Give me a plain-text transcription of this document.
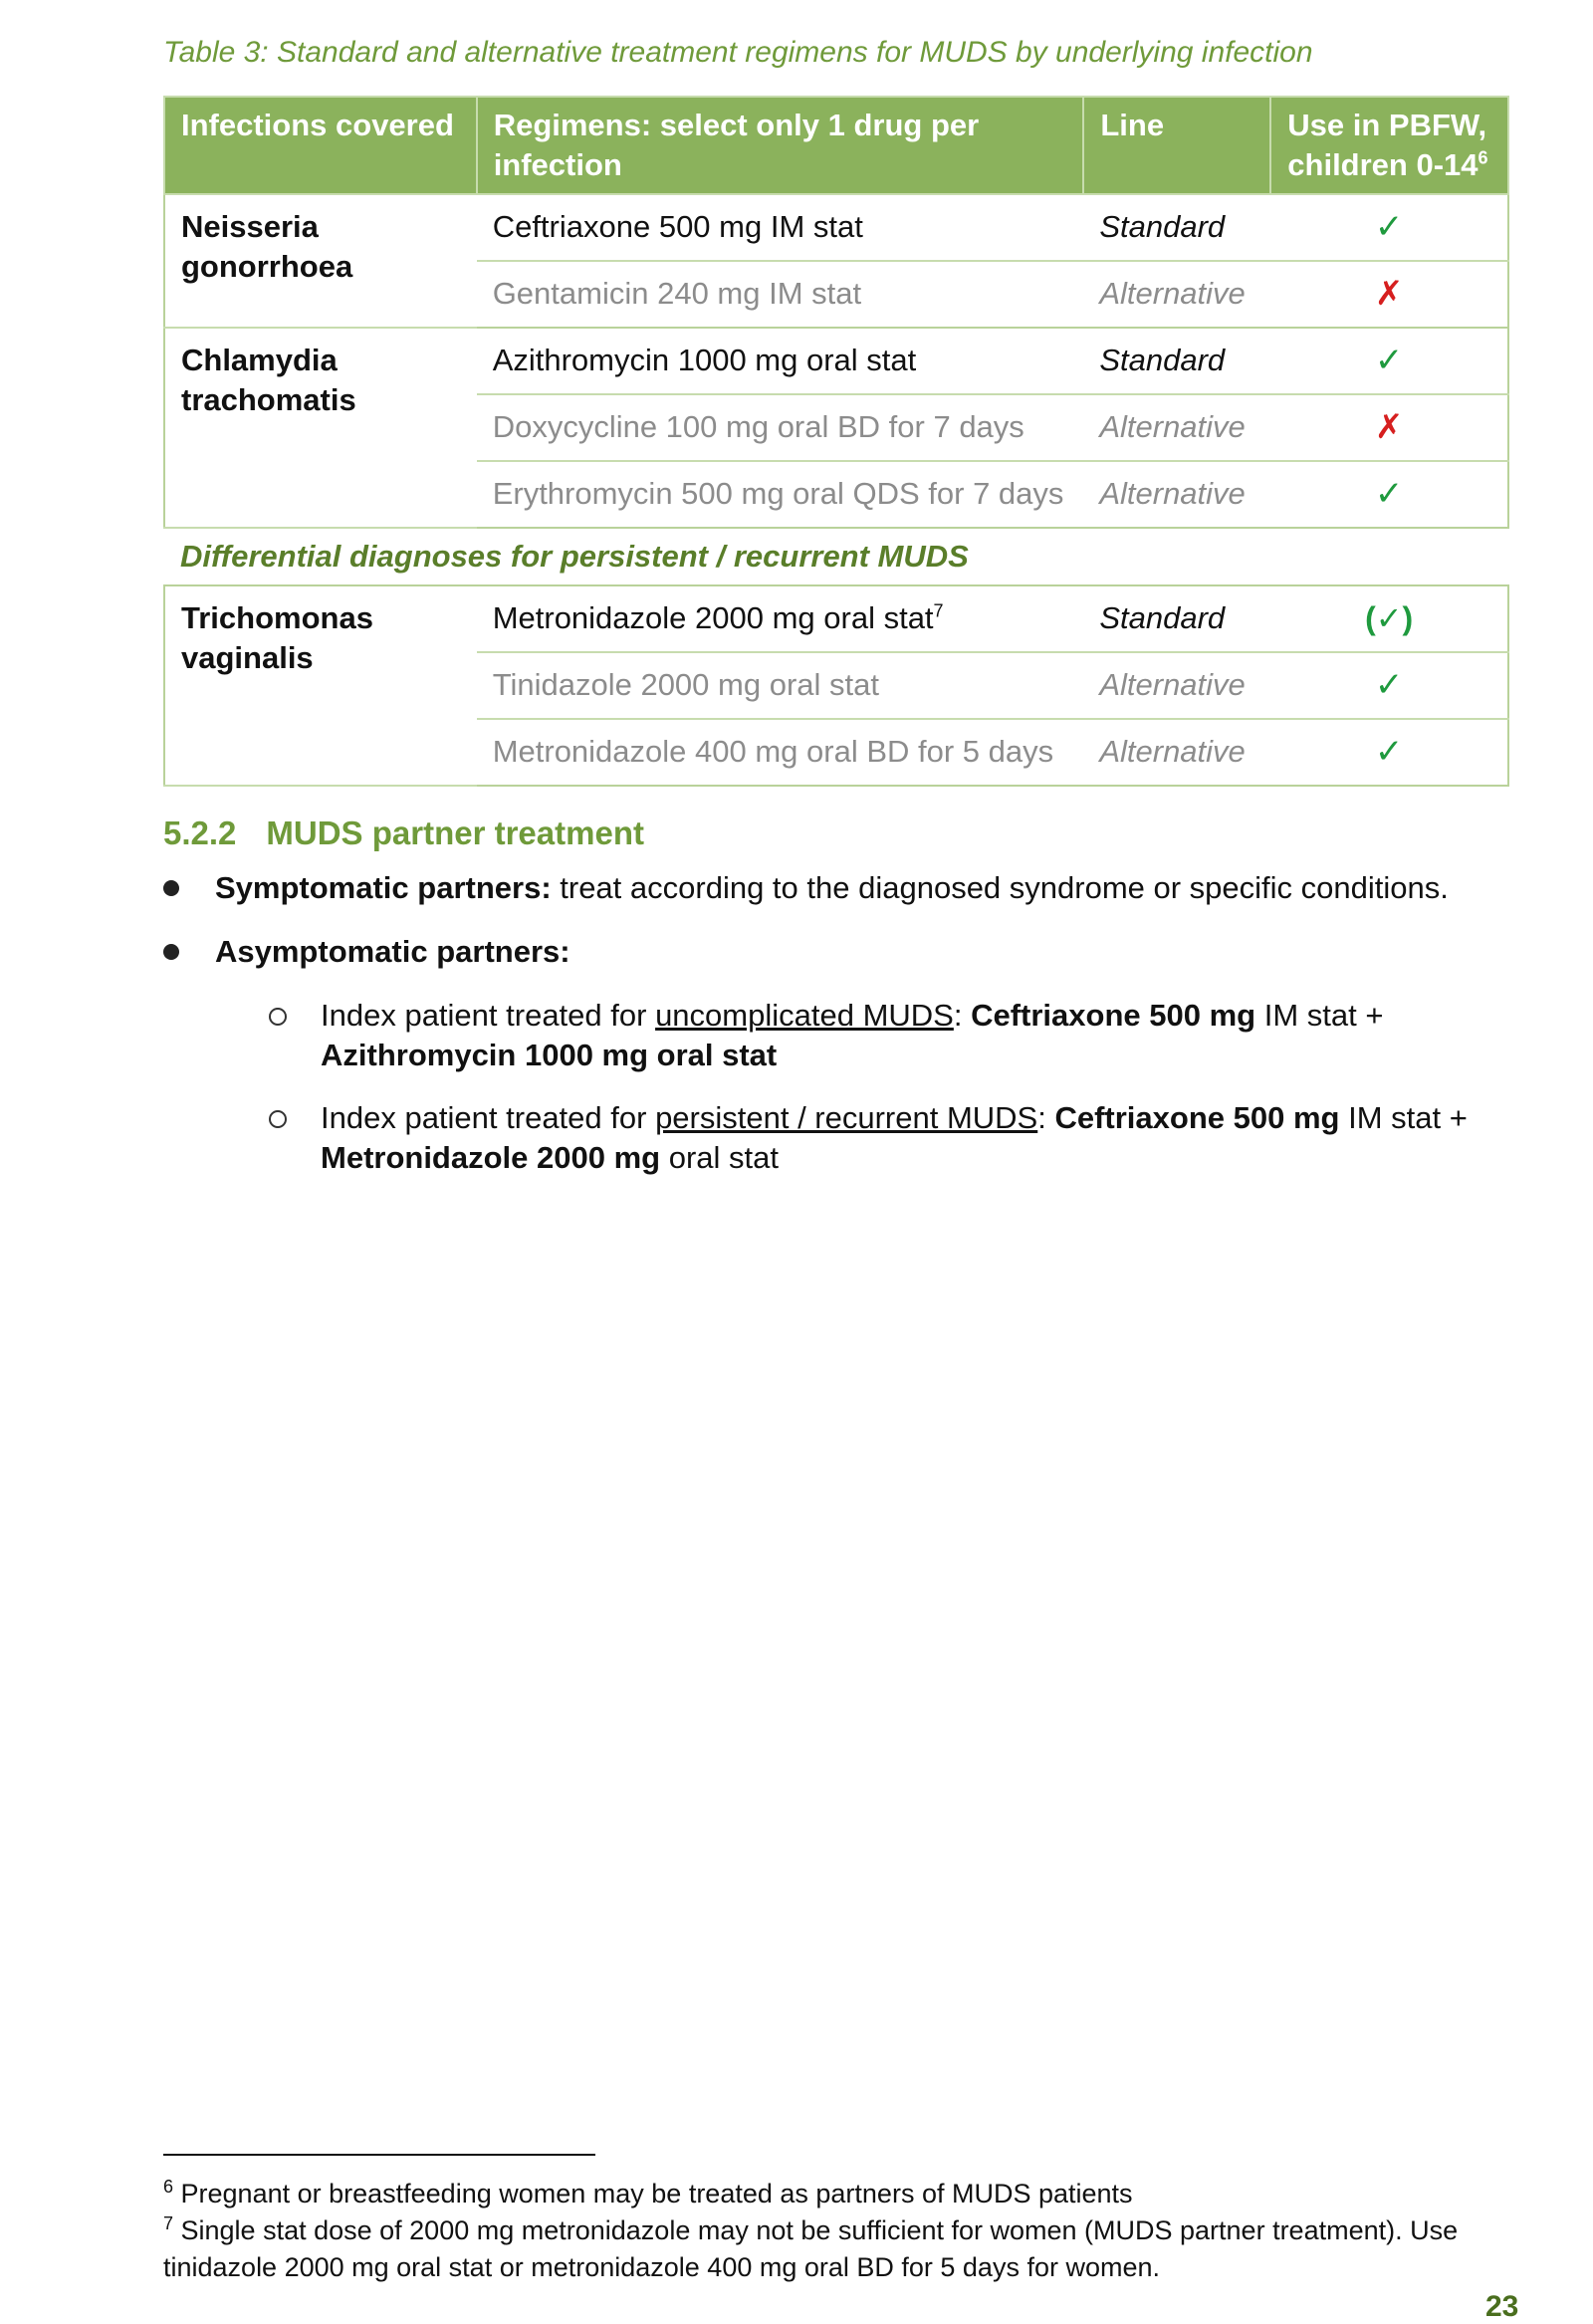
Table 3: Standard and alternative treatment regimens for MUDS by underlying infection
Infections covered	Regimens: select only 1 drug per infection	Line	Use in PBFW, children $0-14^6$
Neisseria gonorrhoea	Ceftriaxone 500 mg IM stat	Standard	✓
	Gentamicin 240 mg IM stat	Alternative	✗
Chlamydia trachomatis	Azithromycin 1000 mg oral stat	Standard	✓
	Doxycycline 100 mg oral BD for 7 days	Alternative	✗
	Erythromycin 500 mg oral QDS for 7 days	Alternative	✓
Differential diagnoses for persistent / recurrent MUDS			
Trichomonas vaginalis	Metronidazole 2000 mg oral stat$^7$	Standard	(✓)
	Tinidazole 2000 mg oral stat	Alternative	✓
	Metronidazole 400 mg oral BD for 5 days	Alternative	✓
5.2.2 MUDS partner treatment
Symptomatic partners: treat according to the diagnosed syndrome or specific conditions.
Asymptomatic partners:
Index patient treated for uncomplicated MUDS: Ceftriaxone 500 mg IM stat + Azithromycin 1000 mg oral stat
Index patient treated for persistent / recurrent MUDS: Ceftriaxone 500 mg IM stat + Metronidazole 2000 mg oral stat
$^6$ Pregnant or breastfeeding women may be treated as partners of MUDS patients
$^7$ Single stat dose of 2000 mg metronidazole may not be sufficient for women (MUDS partner treatment). Use tinidazole 2000 mg oral stat or metronidazole 400 mg oral BD for 5 days for women.
23
